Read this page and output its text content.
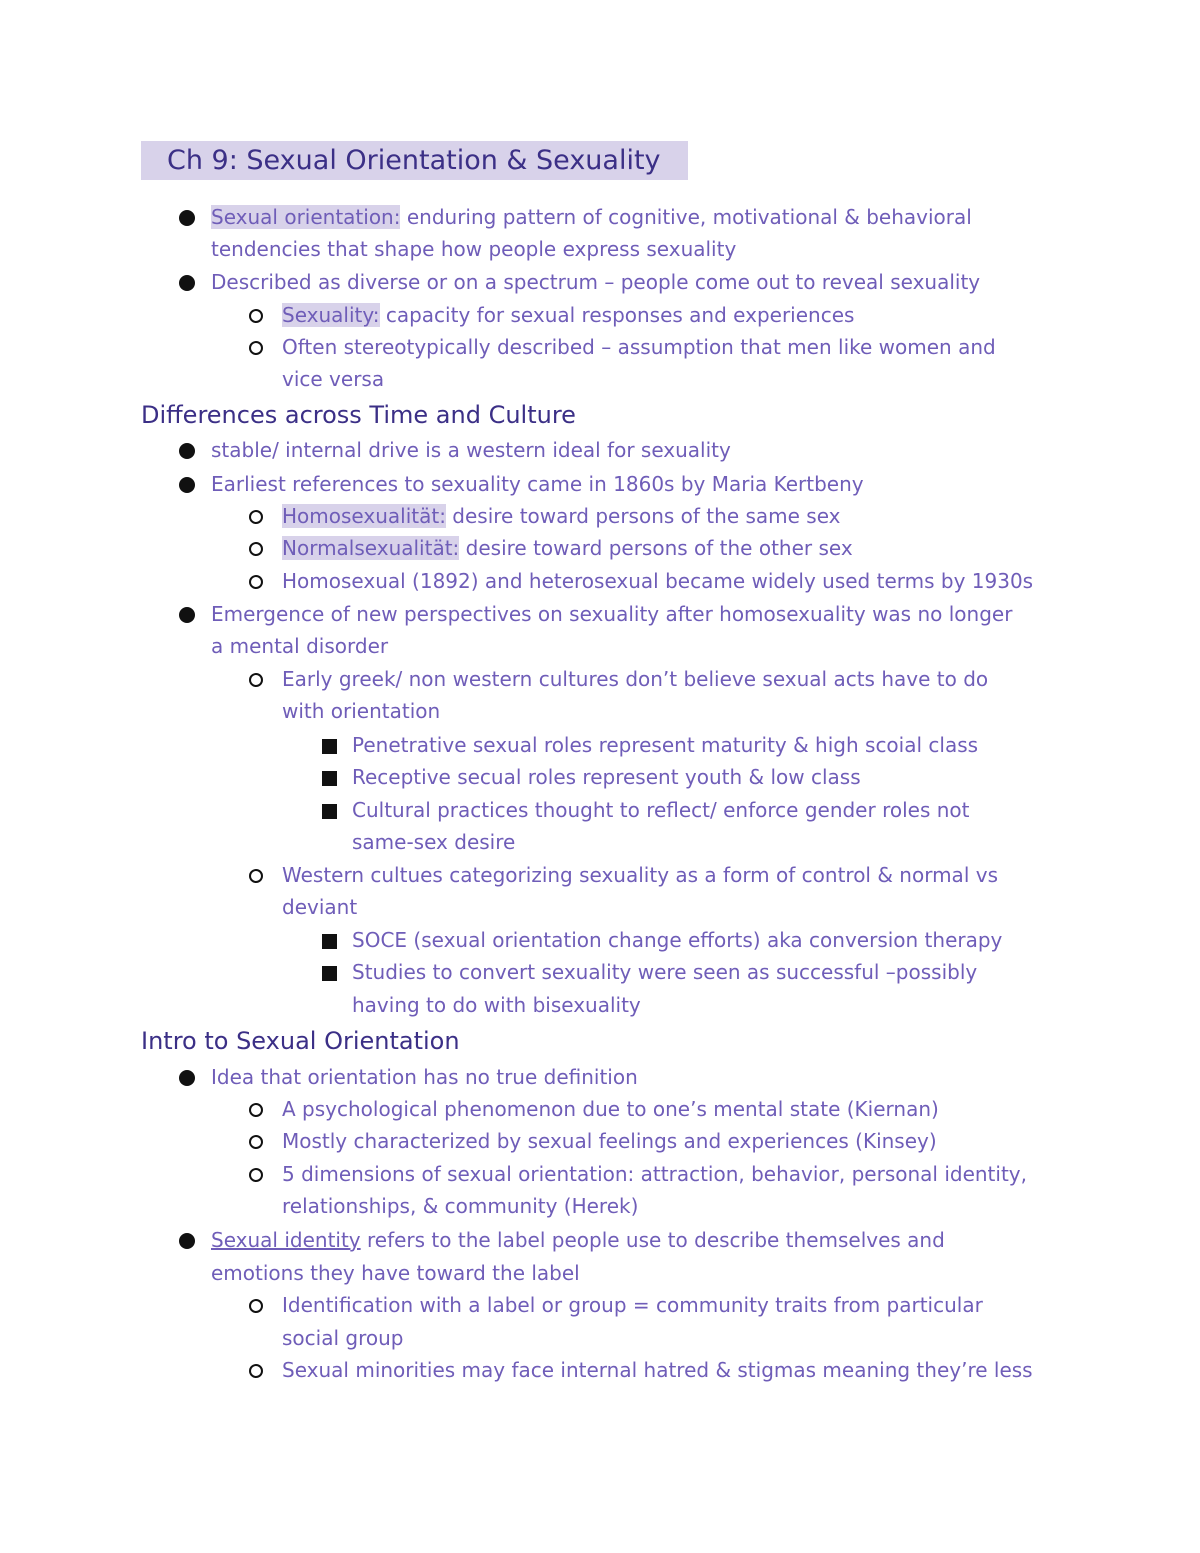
Ch 9: Sexual Orientation & Sexuality
Sexual orientation: enduring pattern of cognitive, motivational & behavioral
tendencies that shape how people express sexuality
Described as diverse or on a spectrum – people come out to reveal sexuality
Sexuality: capacity for sexual responses and experiences
Often stereotypically described – assumption that men like women and
vice versa
Differences across Time and Culture
stable/ internal drive is a western ideal for sexuality
Earliest references to sexuality came in 1860s by Maria Kertbeny
Homosexualität: desire toward persons of the same sex
Normalsexualität: desire toward persons of the other sex
Homosexual (1892) and heterosexual became widely used terms by 1930s
Emergence of new perspectives on sexuality after homosexuality was no longer
a mental disorder
Early greek/ non western cultures don’t believe sexual acts have to do
with orientation
Penetrative sexual roles represent maturity & high scoial class
Receptive secual roles represent youth & low class
Cultural practices thought to reflect/ enforce gender roles not
same-sex desire
Western cultues categorizing sexuality as a form of control & normal vs
deviant
SOCE (sexual orientation change efforts) aka conversion therapy
Studies to convert sexuality were seen as successful –possibly
having to do with bisexuality
Intro to Sexual Orientation
Idea that orientation has no true definition
A psychological phenomenon due to one’s mental state (Kiernan)
Mostly characterized by sexual feelings and experiences (Kinsey)
5 dimensions of sexual orientation: attraction, behavior, personal identity,
relationships, & community (Herek)
Sexual identity refers to the label people use to describe themselves and
emotions they have toward the label
Identification with a label or group = community traits from particular
social group
Sexual minorities may face internal hatred & stigmas meaning they’re less
